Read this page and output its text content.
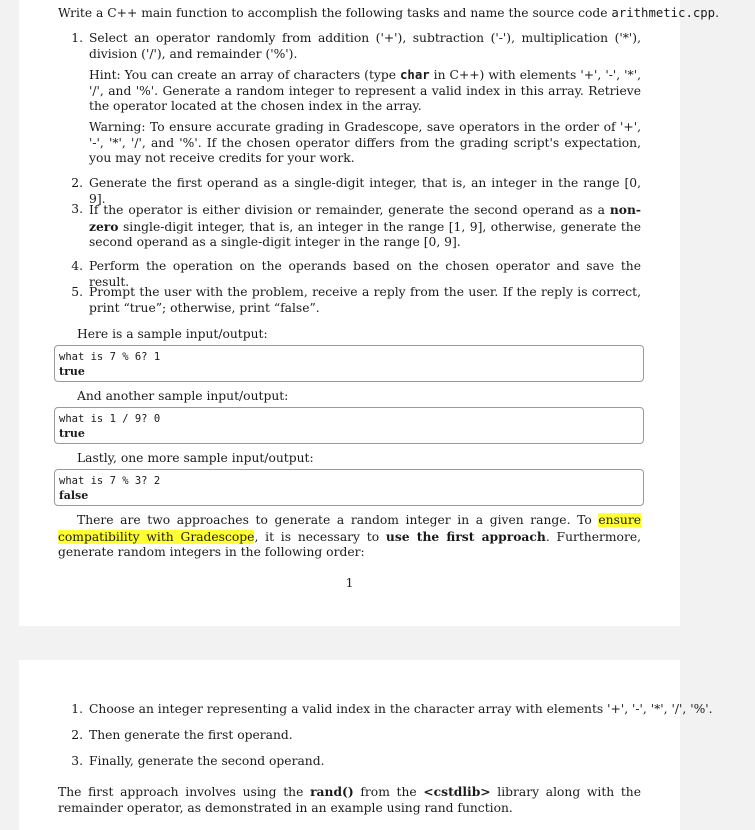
Write a C++ main function to accomplish the following tasks and name the source code arithmetic.cpp.
1. Select an operator randomly from addition ('+'), subtraction ('-'), multiplication ('*'), division ('/'), and remainder ('%').
Hint: You can create an array of characters (type char in C++) with elements '+', '-', '*', '/', and '%'. Generate a random integer to represent a valid index in this array. Retrieve the operator located at the chosen index in the array.
Warning: To ensure accurate grading in Gradescope, save operators in the order of '+', '-', '*', '/', and '%'. If the chosen operator differs from the grading script's expectation, you may not receive credits for your work.
2. Generate the first operand as a single-digit integer, that is, an integer in the range [0, 9].
3. If the operator is either division or remainder, generate the second operand as a non-zero single-digit integer, that is, an integer in the range [1, 9], otherwise, generate the second operand as a single-digit integer in the range [0, 9].
4. Perform the operation on the operands based on the chosen operator and save the result.
5. Prompt the user with the problem, receive a reply from the user. If the reply is correct, print “true”; otherwise, print “false”.
Here is a sample input/output:
what is 7 % 6? 1
true
And another sample input/output:
what is 1 / 9? 0
true
Lastly, one more sample input/output:
what is 7 % 3? 2
false
There are two approaches to generate a random integer in a given range. To ensure compatibility with Gradescope, it is necessary to use the first approach. Furthermore, generate random integers in the following order:
1
1. Choose an integer representing a valid index in the character array with elements '+', '-', '*', '/', '%'.
2. Then generate the first operand.
3. Finally, generate the second operand.
The first approach involves using the rand() from the <cstdlib> library along with the remainder operator, as demonstrated in an example using rand function.
